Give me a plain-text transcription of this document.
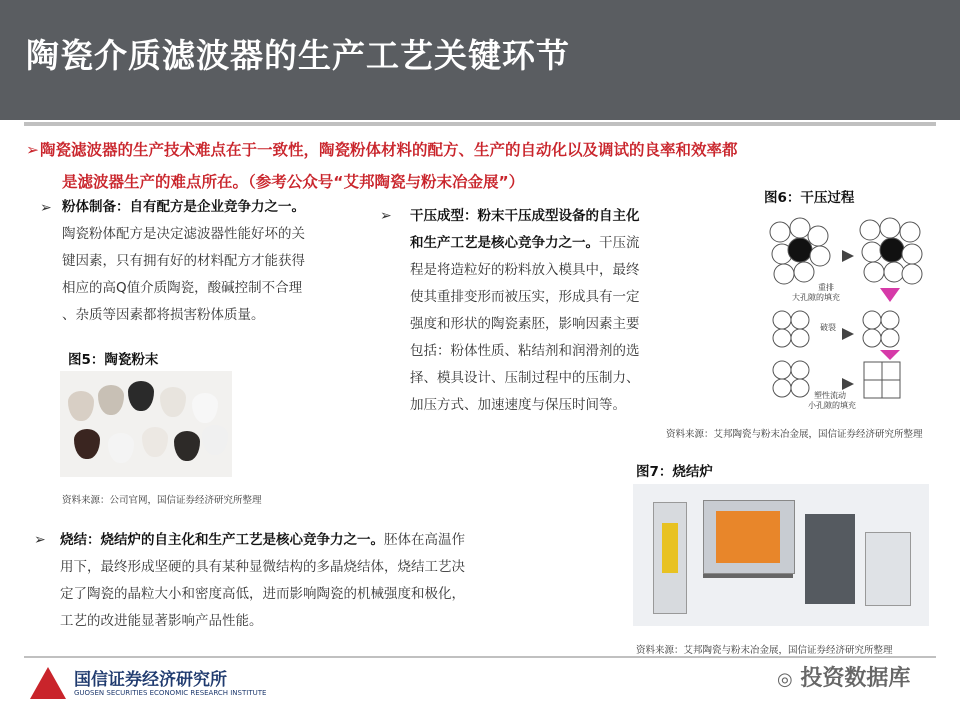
陶瓷介质滤波器的生产工艺关键环节
➢ 陶瓷滤波器的生产技术难点在于一致性，陶瓷粉体材料的配方、生产的自动化以及调试的良率和效率都
是滤波器生产的难点所在。（参考公众号“艾邦陶瓷与粉末冶金展”）
➢ 粉体制备：自有配方是企业竞争力之一。
陶瓷粉体配方是决定滤波器性能好坏的关
键因素，只有拥有好的材料配方才能获得
相应的高Q值介质陶瓷，酸碱控制不合理
、杂质等因素都将损害粉体质量。
图5：陶瓷粉末
资料来源：公司官网，国信证券经济研究所整理
➢ 干压成型：粉末干压成型设备的自主化
和生产工艺是核心竞争力之一。干压流
程是将造粒好的粉料放入模具中，最终
使其重排变形而被压实，形成具有一定
强度和形状的陶瓷素胚，影响因素主要
包括：粉体性质、粘结剂和润滑剂的选
择、模具设计、压制过程中的压制力、
加压方式、加速速度与保压时间等。
图6：干压过程
重排
大孔隙的填充
破裂
塑性流动
小孔隙的填充
资料来源：艾邦陶瓷与粉末冶金展，国信证券经济研究所整理
图7：烧结炉
资料来源：艾邦陶瓷与粉末冶金展，国信证券经济研究所整理
➢ 烧结：烧结炉的自主化和生产工艺是核心竞争力之一。胚体在高温作
用下，最终形成坚硬的具有某种显微结构的多晶烧结体，烧结工艺决
定了陶瓷的晶粒大小和密度高低，进而影响陶瓷的机械强度和极化，
工艺的改进能显著影响产品性能。
国信证券经济研究所
GUOSEN SECURITIES ECONOMIC RESEARCH INSTITUTE
◎ 投资数据库
